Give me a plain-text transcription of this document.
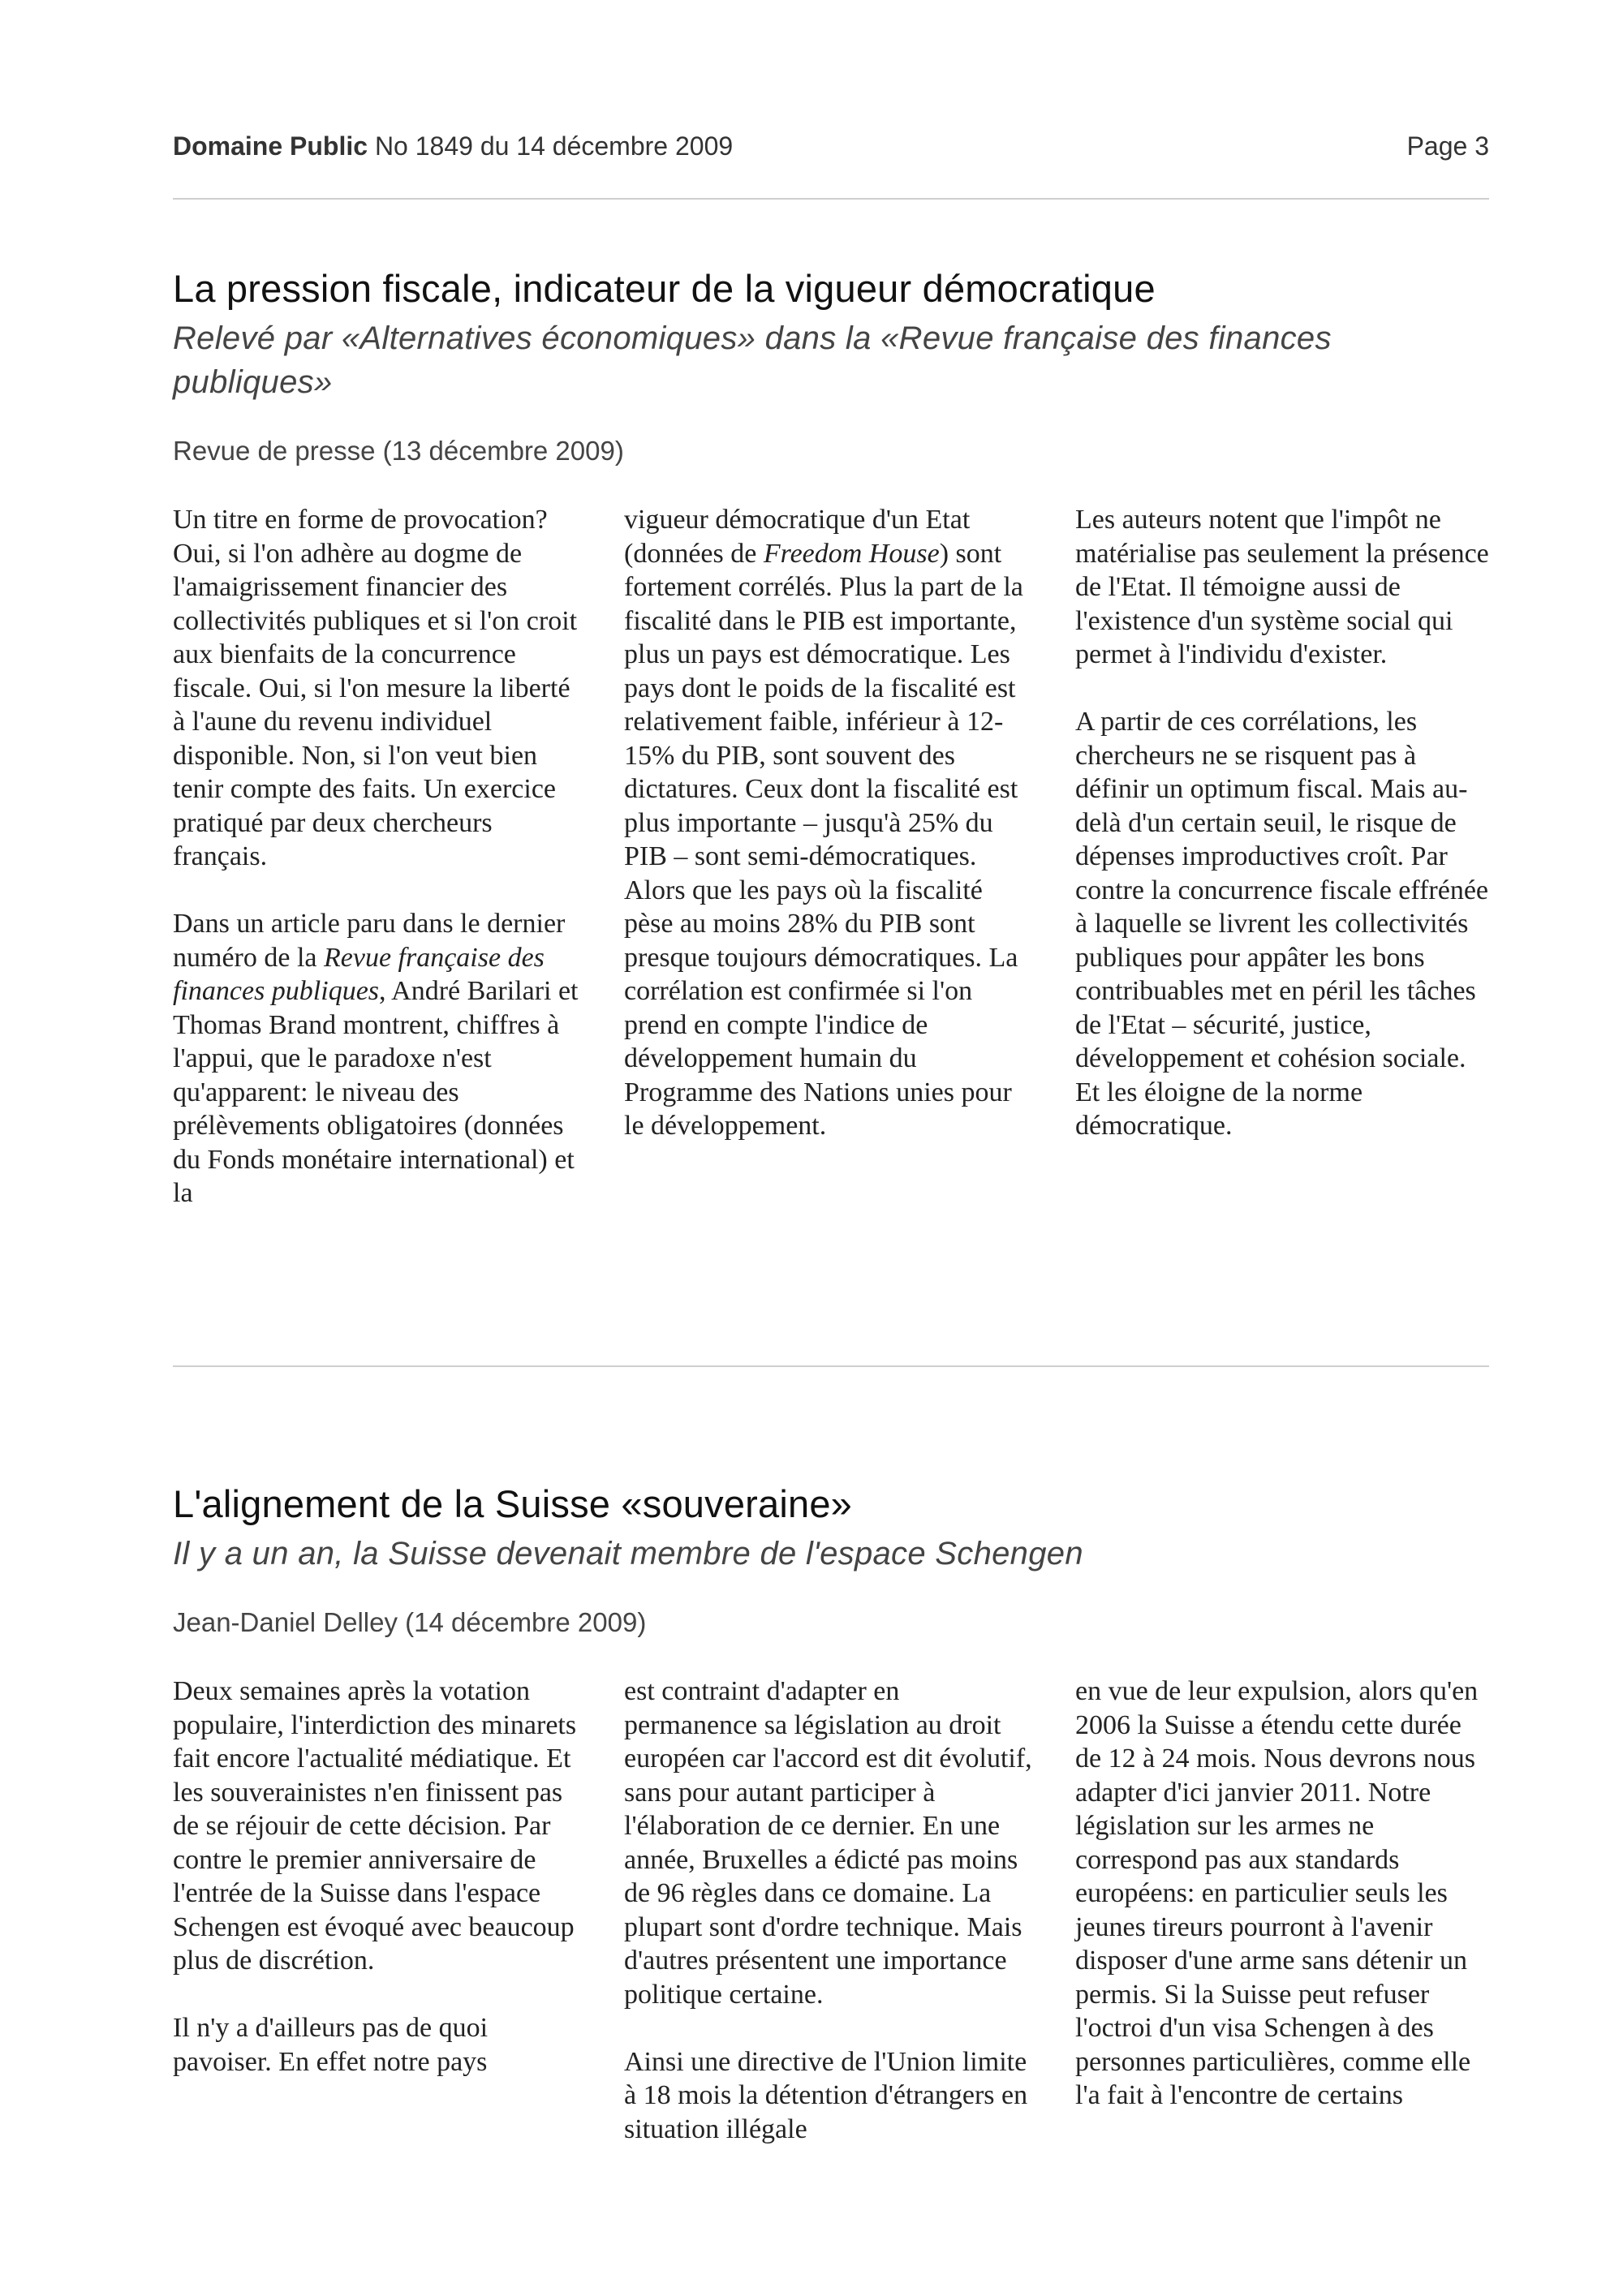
Domaine Public No 1849 du 14 décembre 2009	Page 3
La pression fiscale, indicateur de la vigueur démocratique

Relevé par «Alternatives économiques» dans la «Revue française des finances publiques»

Revue de presse (13 décembre 2009)

Un titre en forme de provocation? Oui, si l'on adhère au dogme de l'amaigrissement financier des collectivités publiques et si l'on croit aux bienfaits de la concurrence fiscale. Oui, si l'on mesure la liberté à l'aune du revenu individuel disponible. Non, si l'on veut bien tenir compte des faits. Un exercice pratiqué par deux chercheurs français.

Dans un article paru dans le dernier numéro de la Revue française des finances publiques, André Barilari et Thomas Brand montrent, chiffres à l'appui, que le paradoxe n'est qu'apparent: le niveau des prélèvements obligatoires (données du Fonds monétaire international) et la

vigueur démocratique d'un Etat (données de Freedom House) sont fortement corrélés. Plus la part de la fiscalité dans le PIB est importante, plus un pays est démocratique. Les pays dont le poids de la fiscalité est relativement faible, inférieur à 12-15% du PIB, sont souvent des dictatures. Ceux dont la fiscalité est plus importante – jusqu'à 25% du PIB – sont semi-démocratiques. Alors que les pays où la fiscalité pèse au moins 28% du PIB sont presque toujours démocratiques. La corrélation est confirmée si l'on prend en compte l'indice de développement humain du Programme des Nations unies pour le développement.

Les auteurs notent que l'impôt ne matérialise pas seulement la présence de l'Etat. Il témoigne aussi de l'existence d'un système social qui permet à l'individu d'exister.

A partir de ces corrélations, les chercheurs ne se risquent pas à définir un optimum fiscal. Mais au-delà d'un certain seuil, le risque de dépenses improductives croît. Par contre la concurrence fiscale effrénée à laquelle se livrent les collectivités publiques pour appâter les bons contribuables met en péril les tâches de l'Etat – sécurité, justice, développement et cohésion sociale. Et les éloigne de la norme démocratique.

L'alignement de la Suisse «souveraine»

Il y a un an, la Suisse devenait membre de l'espace Schengen

Jean-Daniel Delley (14 décembre 2009)

Deux semaines après la votation populaire, l'interdiction des minarets fait encore l'actualité médiatique. Et les souverainistes n'en finissent pas de se réjouir de cette décision. Par contre le premier anniversaire de l'entrée de la Suisse dans l'espace Schengen est évoqué avec beaucoup plus de discrétion.

Il n'y a d'ailleurs pas de quoi pavoiser. En effet notre pays

est contraint d'adapter en permanence sa législation au droit européen car l'accord est dit évolutif, sans pour autant participer à l'élaboration de ce dernier. En une année, Bruxelles a édicté pas moins de 96 règles dans ce domaine. La plupart sont d'ordre technique. Mais d'autres présentent une importance politique certaine.

Ainsi une directive de l'Union limite à 18 mois la détention d'étrangers en situation illégale

en vue de leur expulsion, alors qu'en 2006 la Suisse a étendu cette durée de 12 à 24 mois. Nous devrons nous adapter d'ici janvier 2011. Notre législation sur les armes ne correspond pas aux standards européens: en particulier seuls les jeunes tireurs pourront à l'avenir disposer d'une arme sans détenir un permis. Si la Suisse peut refuser l'octroi d'un visa Schengen à des personnes particulières, comme elle l'a fait à l'encontre de certains
